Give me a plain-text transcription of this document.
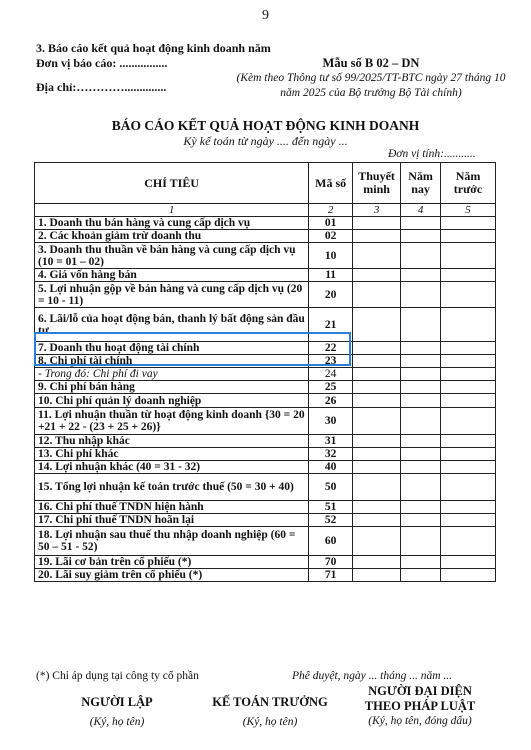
9
3. Báo cáo kết quả hoạt động kinh doanh năm
Đơn vị báo cáo: ................
Địa chỉ:…………..............
Mẫu số B 02 – DN
(Kèm theo Thông tư số 99/2025/TT-BTC ngày 27 tháng 10 năm 2025 của Bộ trưởng Bộ Tài chính)
BÁO CÁO KẾT QUẢ HOẠT ĐỘNG KINH DOANH
Kỳ kế toán từ ngày .... đến ngày ...
Đơn vị tính:...........
CHỈ TIÊU	Mã số	Thuyết minh	Năm nay	Năm trước
1	2	3	4	5
1. Doanh thu bán hàng và cung cấp dịch vụ	01			
2. Các khoản giảm trừ doanh thu	02			
3. Doanh thu thuần về bán hàng và cung cấp dịch vụ (10 = 01 – 02)	10			
4. Giá vốn hàng bán	11			
5. Lợi nhuận gộp về bán hàng và cung cấp dịch vụ (20 = 10 - 11)	20			
6. Lãi/lỗ của hoạt động bán, thanh lý bất động sản đầu tư	21			
7. Doanh thu hoạt động tài chính	22			
8. Chi phí tài chính	23			
- Trong đó: Chi phí đi vay	24			
9. Chi phí bán hàng	25			
10. Chi phí quản lý doanh nghiệp	26			
11. Lợi nhuận thuần từ hoạt động kinh doanh {30 = 20 +21 + 22 - (23 + 25 + 26)}	30			
12. Thu nhập khác	31			
13. Chi phí khác	32			
14. Lợi nhuận khác (40 = 31 - 32)	40			
15. Tổng lợi nhuận kế toán trước thuế (50 = 30 + 40)	50			
16. Chi phí thuế TNDN hiện hành	51			
17. Chi phí thuế TNDN hoãn lại	52			
18. Lợi nhuận sau thuế thu nhập doanh nghiệp (60 = 50 – 51 - 52)	60			
19. Lãi cơ bản trên cổ phiếu (*)	70			
20. Lãi suy giảm trên cổ phiếu (*)	71			
(*) Chỉ áp dụng tại công ty cổ phần	Phê duyệt, ngày ... tháng ... năm ...
NGƯỜI LẬP
(Ký, họ tên)
KẾ TOÁN TRƯỞNG
(Ký, họ tên)
NGƯỜI ĐẠI DIỆN THEO PHÁP LUẬT
(Ký, họ tên, đóng dấu)
